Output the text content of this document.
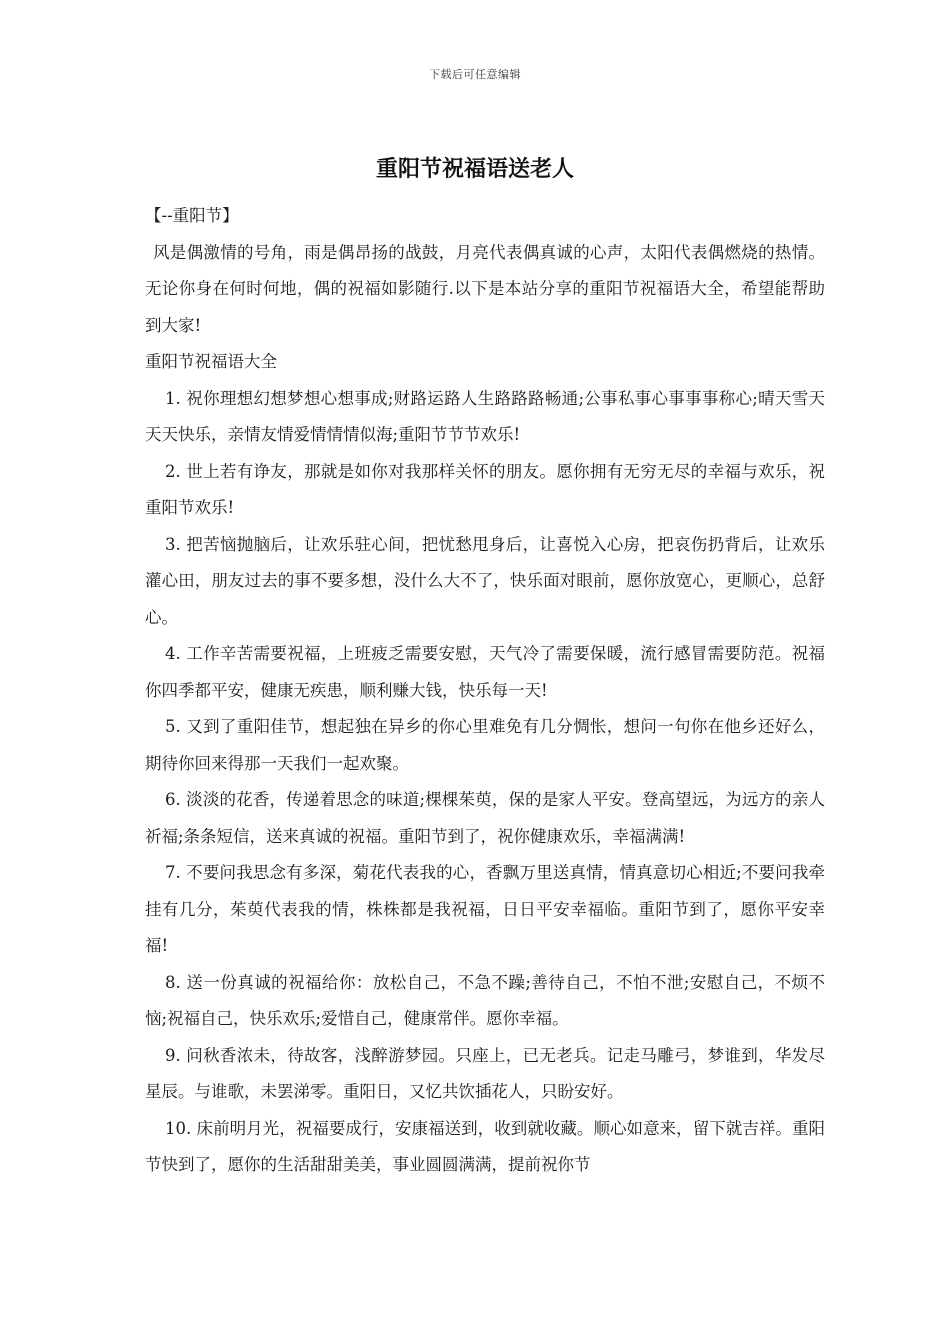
下载后可任意编辑
重阳节祝福语送老人

【--重阳节】

风是偶激情的号角，雨是偶昂扬的战鼓，月亮代表偶真诚的心声，太阳代表偶燃烧的热情。无论你身在何时何地，偶的祝福如影随行.以下是本站分享的重阳节祝福语大全，希望能帮助到大家!

重阳节祝福语大全

1. 祝你理想幻想梦想心想事成;财路运路人生路路路畅通;公事私事心事事事称心;晴天雪天天天快乐，亲情友情爱情情情似海;重阳节节节欢乐!

2. 世上若有诤友，那就是如你对我那样关怀的朋友。愿你拥有无穷无尽的幸福与欢乐，祝重阳节欢乐!

3. 把苦恼抛脑后，让欢乐驻心间，把忧愁甩身后，让喜悦入心房，把哀伤扔背后，让欢乐灌心田，朋友过去的事不要多想，没什么大不了，快乐面对眼前，愿你放宽心，更顺心，总舒心。

4. 工作辛苦需要祝福，上班疲乏需要安慰，天气冷了需要保暖，流行感冒需要防范。祝福你四季都平安，健康无疾患，顺利赚大钱，快乐每一天!

5. 又到了重阳佳节，想起独在异乡的你心里难免有几分惆怅，想问一句你在他乡还好么，期待你回来得那一天我们一起欢聚。

6. 淡淡的花香，传递着思念的味道;棵棵茱萸，保的是家人平安。登高望远，为远方的亲人祈福;条条短信，送来真诚的祝福。重阳节到了，祝你健康欢乐，幸福满满!

7. 不要问我思念有多深，菊花代表我的心，香飘万里送真情，情真意切心相近;不要问我牵挂有几分，茱萸代表我的情，株株都是我祝福，日日平安幸福临。重阳节到了，愿你平安幸福!

8. 送一份真诚的祝福给你：放松自己，不急不躁;善待自己，不怕不泄;安慰自己，不烦不恼;祝福自己，快乐欢乐;爱惜自己，健康常伴。愿你幸福。

9. 问秋香浓未，待故客，浅醉游梦园。只座上，已无老兵。记走马雕弓，梦谁到，华发尽星辰。与谁歌，未罢涕零。重阳日，又忆共饮插花人，只盼安好。

10. 床前明月光，祝福要成行，安康福送到，收到就收藏。顺心如意来，留下就吉祥。重阳节快到了，愿你的生活甜甜美美，事业圆圆满满，提前祝你节
